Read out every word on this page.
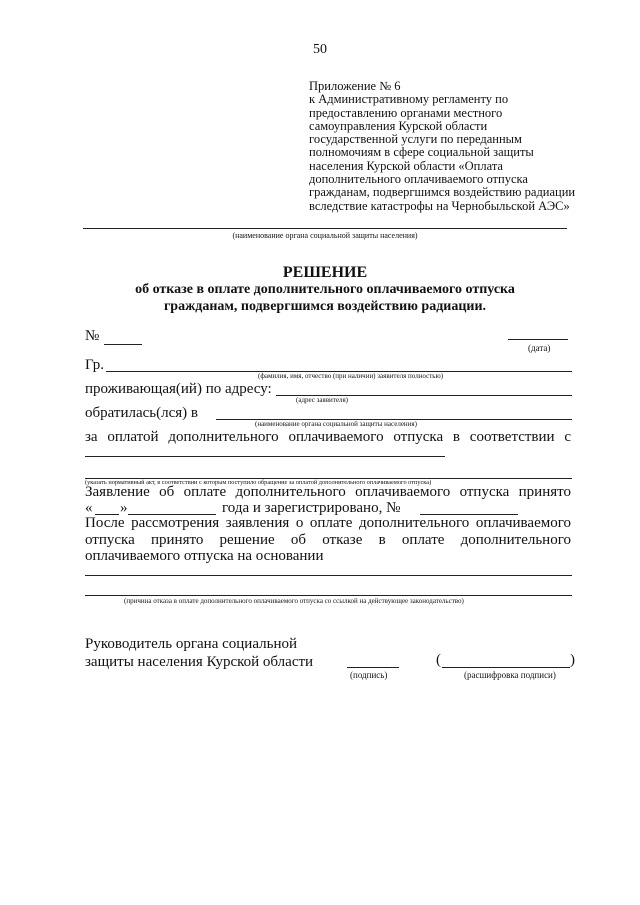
50
Приложение № 6
к Административному регламенту по
предоставлению органами местного
самоуправления Курской области
государственной услуги по переданным
полномочиям в сфере социальной защиты
населения Курской области «Оплата
дополнительного оплачиваемого отпуска
гражданам, подвергшимся воздействию радиации
вследствие катастрофы на Чернобыльской АЭС»
(наименование органа социальной защиты населения)
РЕШЕНИЕ
об отказе в оплате дополнительного оплачиваемого отпуска
гражданам, подвергшимся воздействию радиации.
№
(дата)
Гр.
(фамилия, имя, отчество (при наличии) заявителя полностью)
проживающая(ий) по адресу:
(адрес заявителя)
обратилась(лся) в
(наименование органа социальной защиты населения)
за оплатой дополнительного оплачиваемого отпуска в соответствии с
(указать нормативный акт, в соответствии с которым поступило обращение за оплатой дополнительного оплачиваемого отпуска)
Заявление об оплате дополнительного оплачиваемого отпуска принято
« »	года и зарегистрировано, №
После рассмотрения заявления о оплате дополнительного оплачиваемого
отпуска принято решение об отказе в оплате дополнительного
оплачиваемого отпуска на основании
(причина отказа в оплате дополнительного оплачиваемого отпуска со ссылкой на действующее законодательство)
Руководитель органа социальной
защиты населения Курской области
(подпись)
(	)
(расшифровка подписи)
